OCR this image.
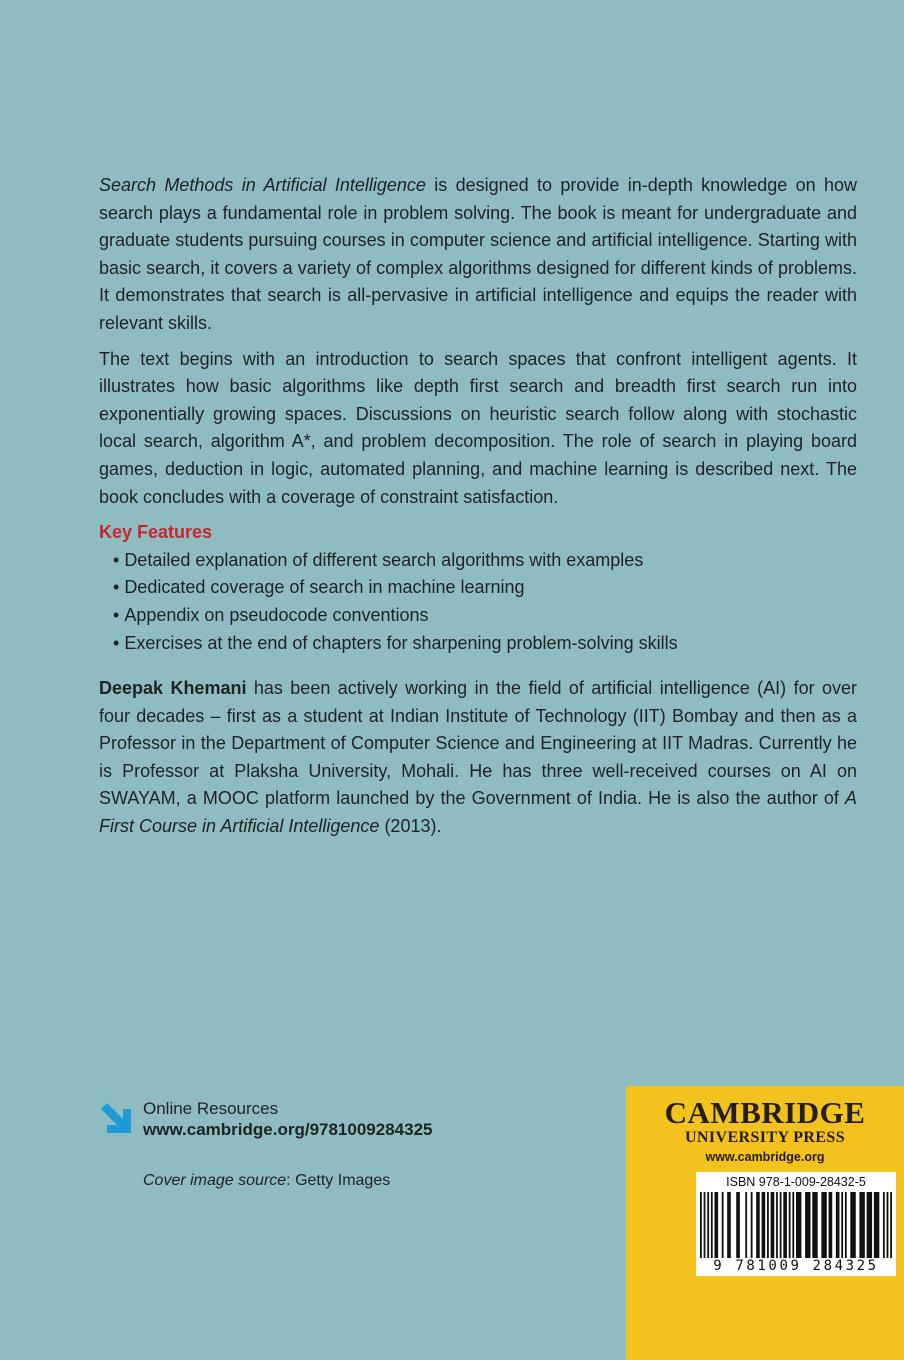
Search Methods in Artificial Intelligence is designed to provide in-depth knowledge on how search plays a fundamental role in problem solving. The book is meant for undergraduate and graduate students pursuing courses in computer science and artificial intelligence. Starting with basic search, it covers a variety of complex algorithms designed for different kinds of problems. It demonstrates that search is all-pervasive in artificial intelligence and equips the reader with relevant skills.

The text begins with an introduction to search spaces that confront intelligent agents. It illustrates how basic algorithms like depth first search and breadth first search run into exponentially growing spaces. Discussions on heuristic search follow along with stochastic local search, algorithm A*, and problem decomposition. The role of search in playing board games, deduction in logic, automated planning, and machine learning is described next. The book concludes with a coverage of constraint satisfaction.

Key Features
• Detailed explanation of different search algorithms with examples
• Dedicated coverage of search in machine learning
• Appendix on pseudocode conventions
• Exercises at the end of chapters for sharpening problem-solving skills

Deepak Khemani has been actively working in the field of artificial intelligence (AI) for over four decades – first as a student at Indian Institute of Technology (IIT) Bombay and then as a Professor in the Department of Computer Science and Engineering at IIT Madras. Currently he is Professor at Plaksha University, Mohali. He has three well-received courses on AI on SWAYAM, a MOOC platform launched by the Government of India. He is also the author of A First Course in Artificial Intelligence (2013).

Online Resources
www.cambridge.org/9781009284325
Cover image source: Getty Images
CAMBRIDGE
UNIVERSITY PRESS
www.cambridge.org
ISBN 978-1-009-28432-5
9 781009 284325
